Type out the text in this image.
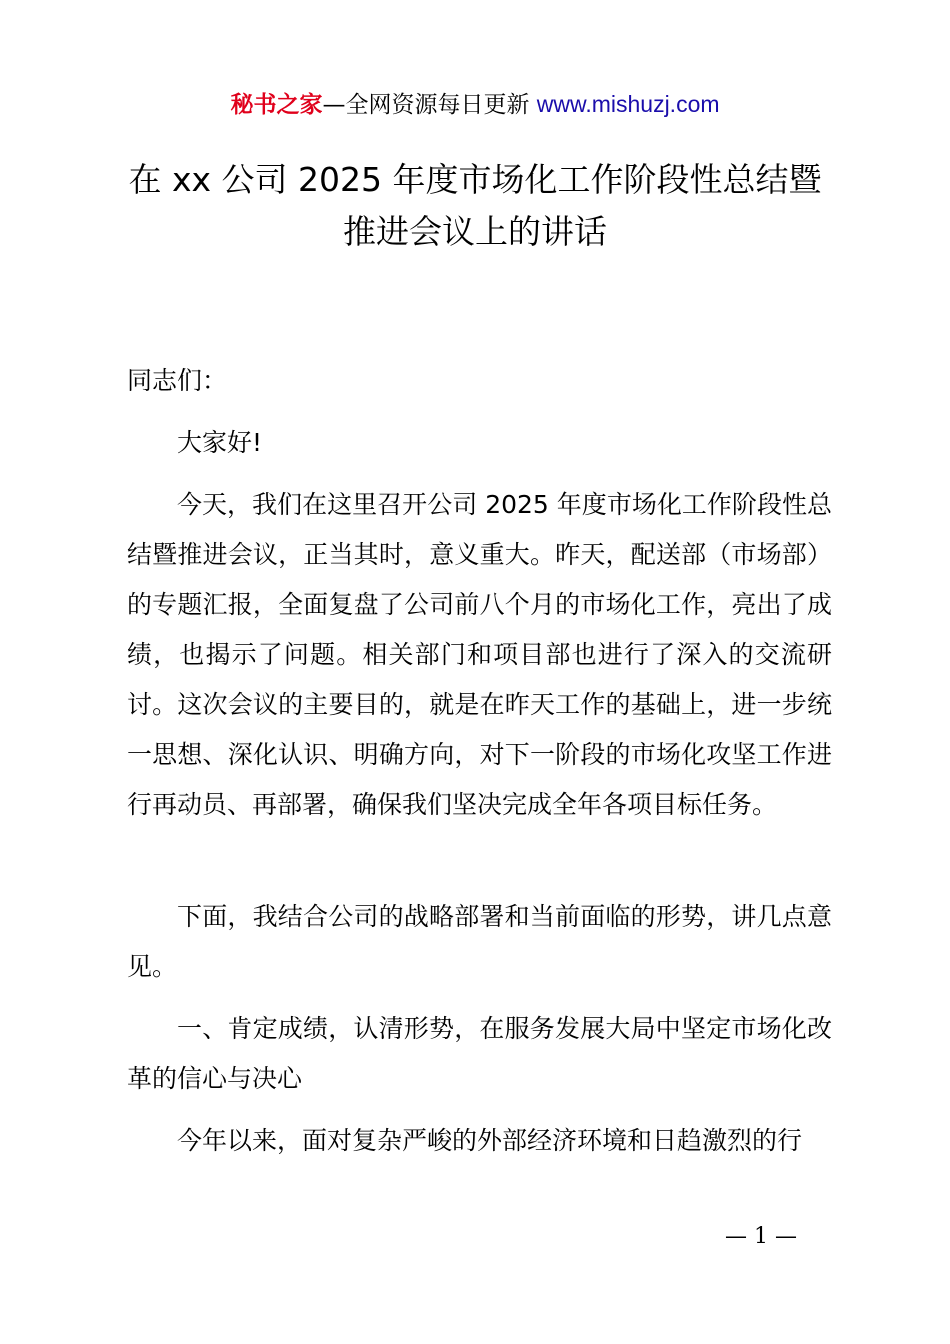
秘书之家—全网资源每日更新 www.mishuzj.com
在 xx 公司 2025 年度市场化工作阶段性总结暨
推进会议上的讲话

同志们：

大家好!

今天，我们在这里召开公司 2025 年度市场化工作阶段性总结暨推进会议，正当其时，意义重大。昨天，配送部（市场部）的专题汇报，全面复盘了公司前八个月的市场化工作，亮出了成绩，也揭示了问题。相关部门和项目部也进行了深入的交流研讨。这次会议的主要目的，就是在昨天工作的基础上，进一步统一思想、深化认识、明确方向，对下一阶段的市场化攻坚工作进行再动员、再部署，确保我们坚决完成全年各项目标任务。

下面，我结合公司的战略部署和当前面临的形势，讲几点意见。

一、肯定成绩，认清形势，在服务发展大局中坚定市场化改革的信心与决心

今年以来，面对复杂严峻的外部经济环境和日趋激烈的行

— 1 —
